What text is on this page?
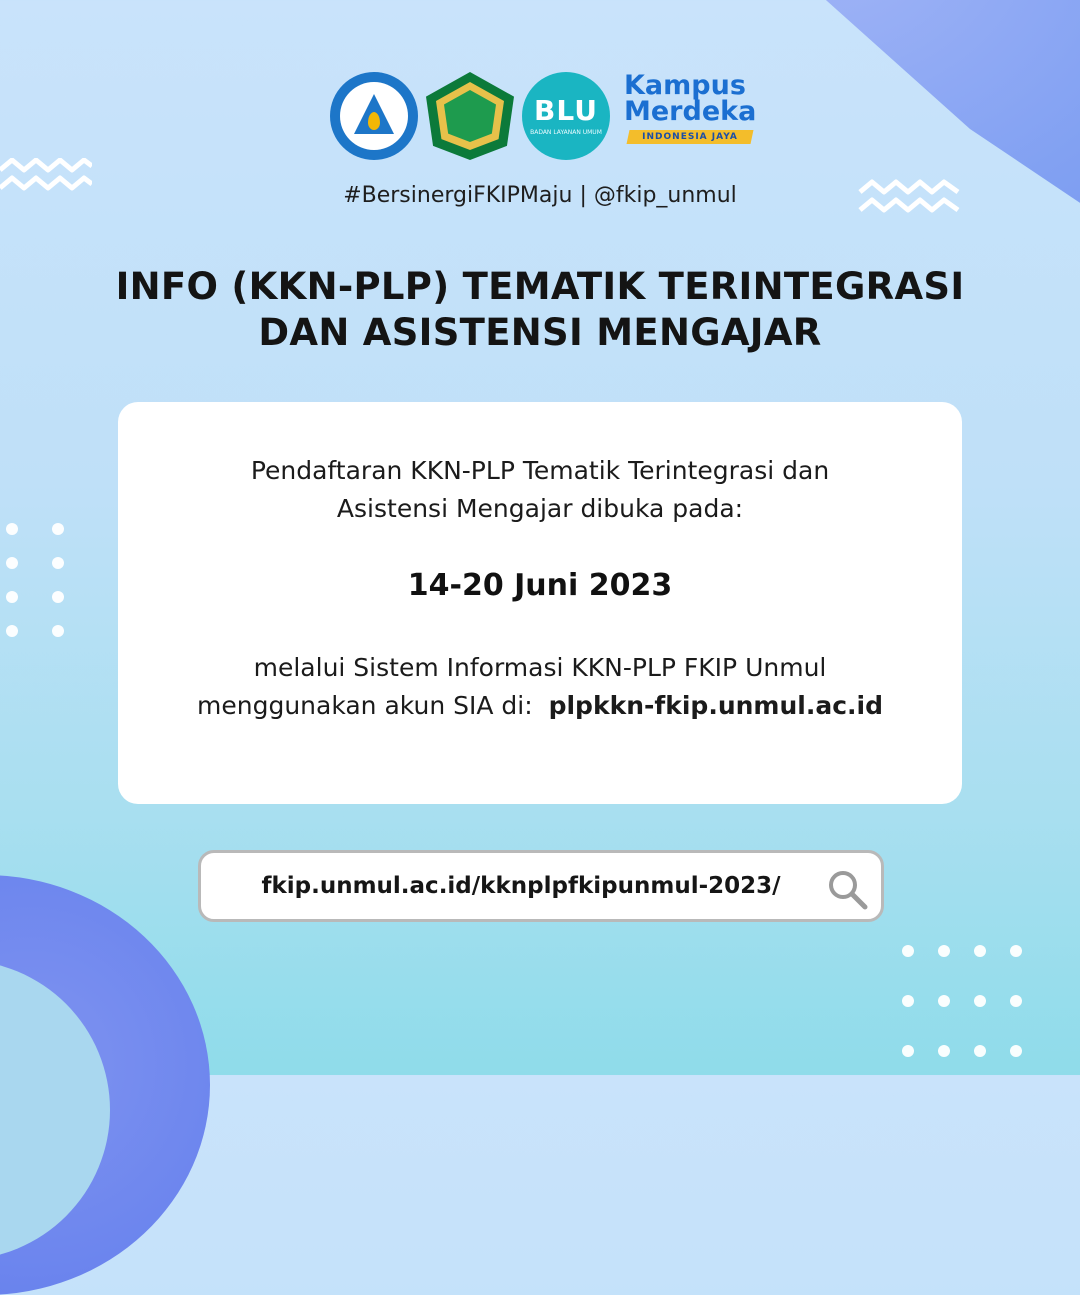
BLU
BADAN LAYANAN UMUM
Kampus
Merdeka
INDONESIA JAYA
#BersinergiFKIPMaju | @fkip_unmul
INFO (KKN-PLP) TEMATIK TERINTEGRASI
DAN ASISTENSI MENGAJAR
Pendaftaran KKN-PLP Tematik Terintegrasi dan
Asistensi Mengajar dibuka pada:
14-20 Juni 2023
melalui Sistem Informasi KKN-PLP FKIP Unmul
menggunakan akun SIA di: plpkkn-fkip.unmul.ac.id
fkip.unmul.ac.id/kknplpfkipunmul-2023/
